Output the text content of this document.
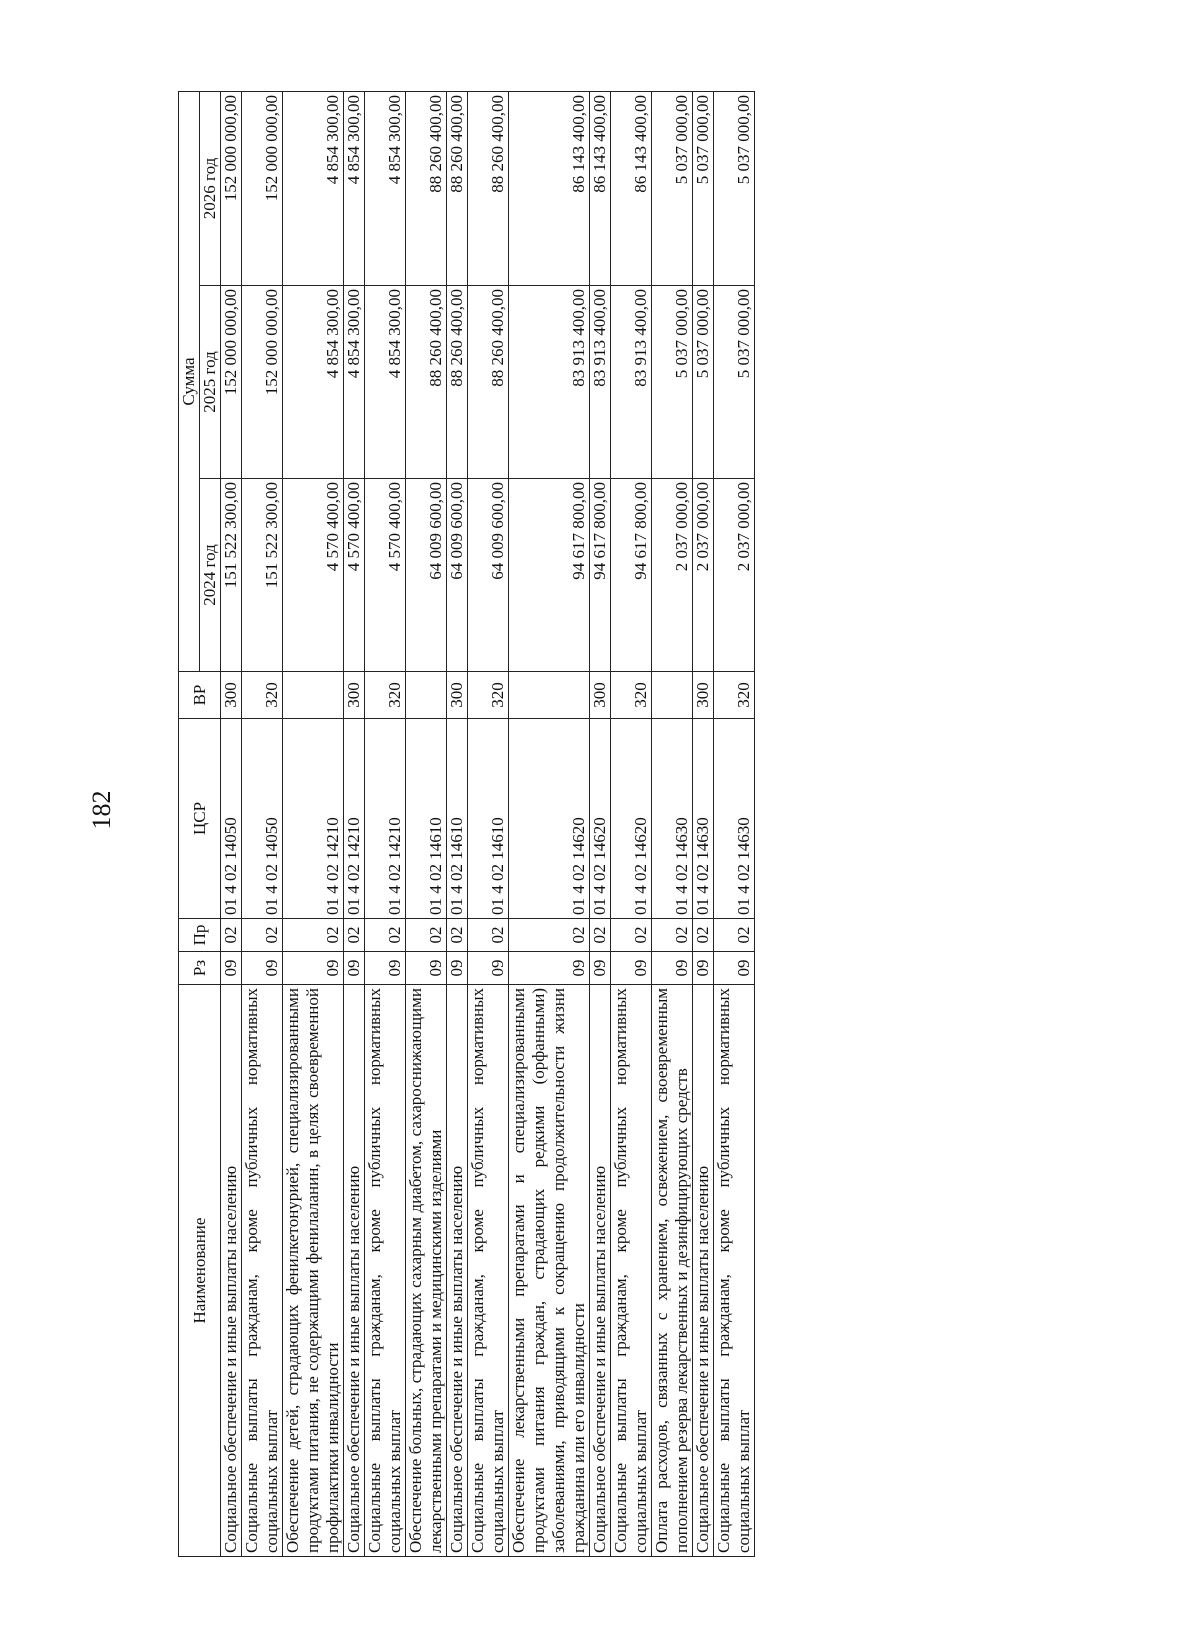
182
Наименование	Рз	Пр	ЦСР	ВР	Сумма		
					2024 год	2025 год	2026 год
Социальное обеспечение и иные выплаты населению	09	02	01 4 02 14050	300	151 522 300,00	152 000 000,00	152 000 000,00
Социальные выплаты гражданам, кроме публичных нормативных социальных выплат	09	02	01 4 02 14050	320	151 522 300,00	152 000 000,00	152 000 000,00
Обеспечение детей, страдающих фенилкетонурией, специализированными продуктами питания, не содержащими фенилаланин, в целях своевременной профилактики инвалидности	09	02	01 4 02 14210		4 570 400,00	4 854 300,00	4 854 300,00
Социальное обеспечение и иные выплаты населению	09	02	01 4 02 14210	300	4 570 400,00	4 854 300,00	4 854 300,00
Социальные выплаты гражданам, кроме публичных нормативных социальных выплат	09	02	01 4 02 14210	320	4 570 400,00	4 854 300,00	4 854 300,00
Обеспечение больных, страдающих сахарным диабетом, сахароснижающими лекарственными препаратами и медицинскими изделиями	09	02	01 4 02 14610		64 009 600,00	88 260 400,00	88 260 400,00
Социальное обеспечение и иные выплаты населению	09	02	01 4 02 14610	300	64 009 600,00	88 260 400,00	88 260 400,00
Социальные выплаты гражданам, кроме публичных нормативных социальных выплат	09	02	01 4 02 14610	320	64 009 600,00	88 260 400,00	88 260 400,00
Обеспечение лекарственными препаратами и специализированными продуктами питания граждан, страдающих редкими (орфанными) заболеваниями, приводящими к сокращению продолжительности жизни гражданина или его инвалидности	09	02	01 4 02 14620		94 617 800,00	83 913 400,00	86 143 400,00
Социальное обеспечение и иные выплаты населению	09	02	01 4 02 14620	300	94 617 800,00	83 913 400,00	86 143 400,00
Социальные выплаты гражданам, кроме публичных нормативных социальных выплат	09	02	01 4 02 14620	320	94 617 800,00	83 913 400,00	86 143 400,00
Оплата расходов, связанных с хранением, освежением, своевременным пополнением резерва лекарственных и дезинфицирующих средств	09	02	01 4 02 14630		2 037 000,00	5 037 000,00	5 037 000,00
Социальное обеспечение и иные выплаты населению	09	02	01 4 02 14630	300	2 037 000,00	5 037 000,00	5 037 000,00
Социальные выплаты гражданам, кроме публичных нормативных социальных выплат	09	02	01 4 02 14630	320	2 037 000,00	5 037 000,00	5 037 000,00
